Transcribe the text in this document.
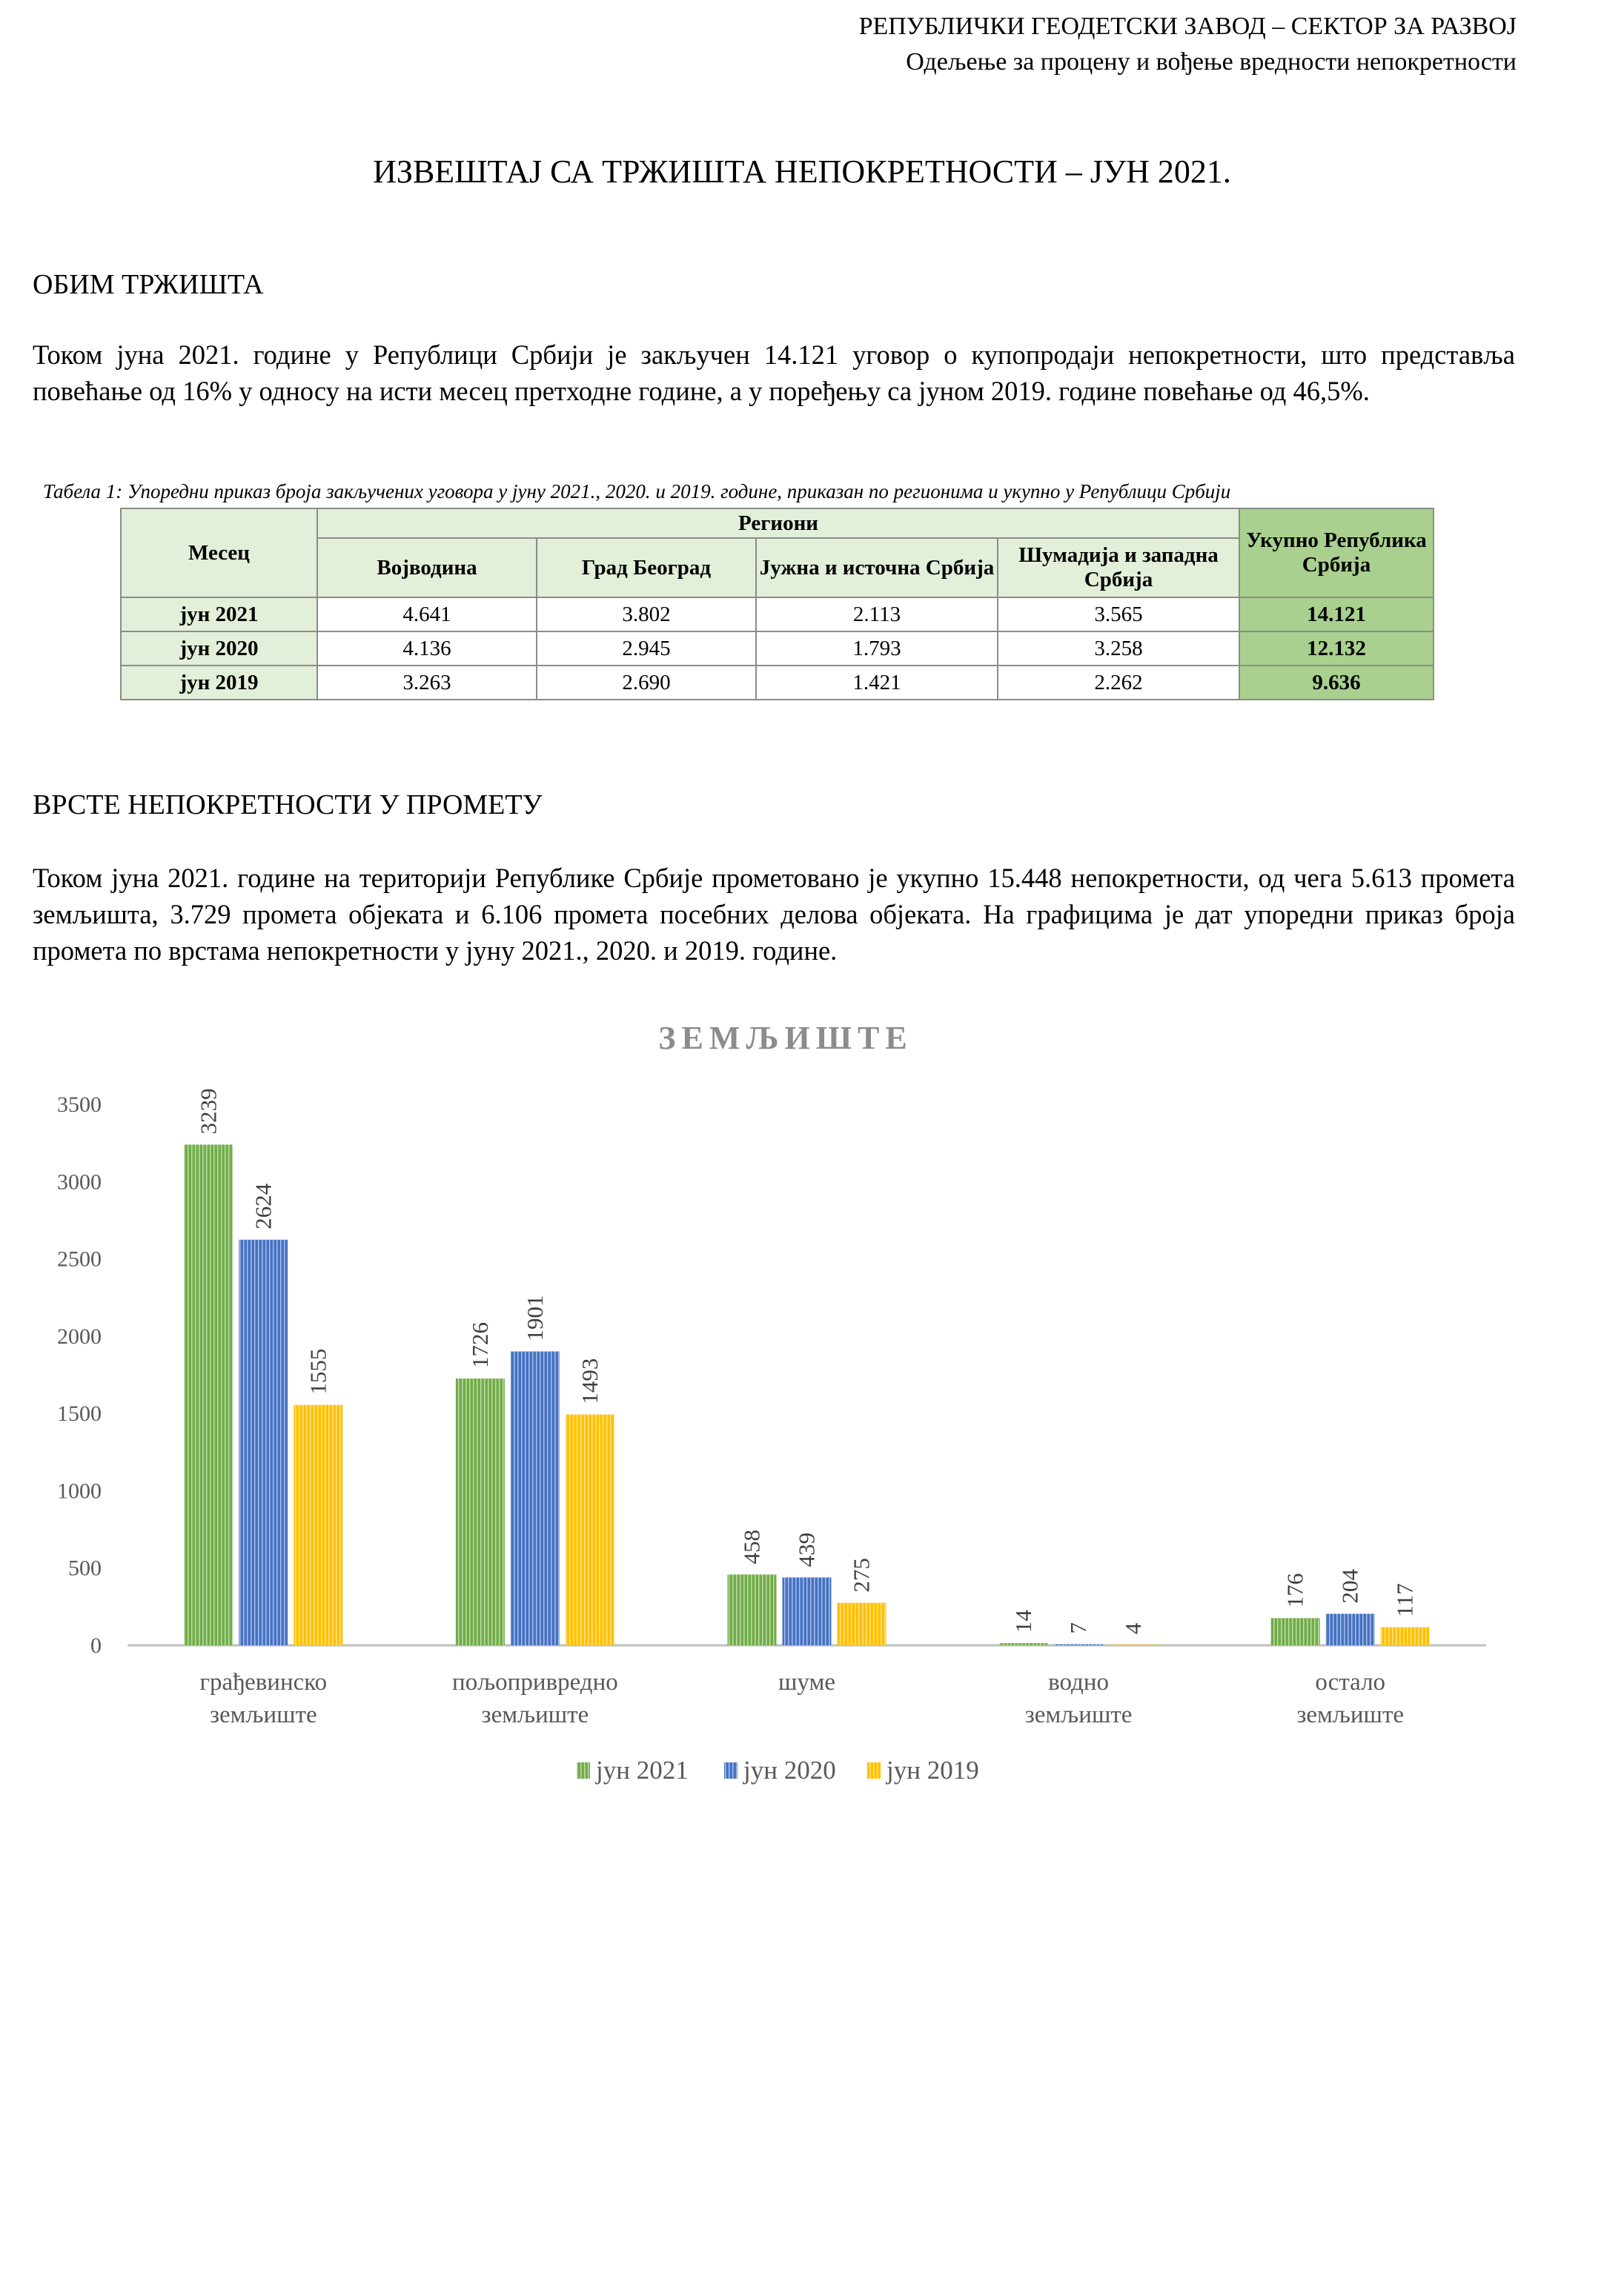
РЕПУБЛИЧКИ ГЕОДЕТСКИ ЗАВОД – СЕКТОР ЗА РАЗВОЈ
Одељење за процену и вођење вредности непокретности
ИЗВЕШТАЈ СА ТРЖИШТА НЕПОКРЕТНОСТИ – ЈУН 2021.
ОБИМ ТРЖИШТА
Током јуна 2021. године у Републици Србији је закључен 14.121 уговор о купопродаји непокретности, што представља повећање од 16% у односу на исти месец претходне године, а у поређењу са јуном 2019. године повећање од 46,5%.
Табела 1: Упоредни приказ броја закључених уговора у јуну 2021., 2020. и 2019. године, приказан по регионима и укупно у Републици Србији
Месец	Региони				Укупно Република Србија
	Војводина	Град Београд	Јужна и источна Србија	Шумадија и западна Србија	
јун 2021	4.641	3.802	2.113	3.565	14.121
јун 2020	4.136	2.945	1.793	3.258	12.132
јун 2019	3.263	2.690	1.421	2.262	9.636
ВРСТЕ НЕПОКРЕТНОСТИ У ПРОМЕТУ
Током јуна 2021. године на територији Републике Србије прометовано је укупно 15.448 непокретности, од чега 5.613 промета земљишта, 3.729 промета објеката и 6.106 промета посебних делова објеката. На графицима је дат упоредни приказ броја промета по врстама непокретности у јуну 2021., 2020. и 2019. године.
ЗЕМЉИШТЕ
0
500
1000
1500
2000
2500
3000
3500	3239
2624
1555
грађевинско
земљиште
1726
1901
1493
пољопривредно
земљиште
458 439
275
шуме
14 7 4
водно
земљиште
176 204 117
остало
земљиште
јун 2021 јун 2020 јун 2019
